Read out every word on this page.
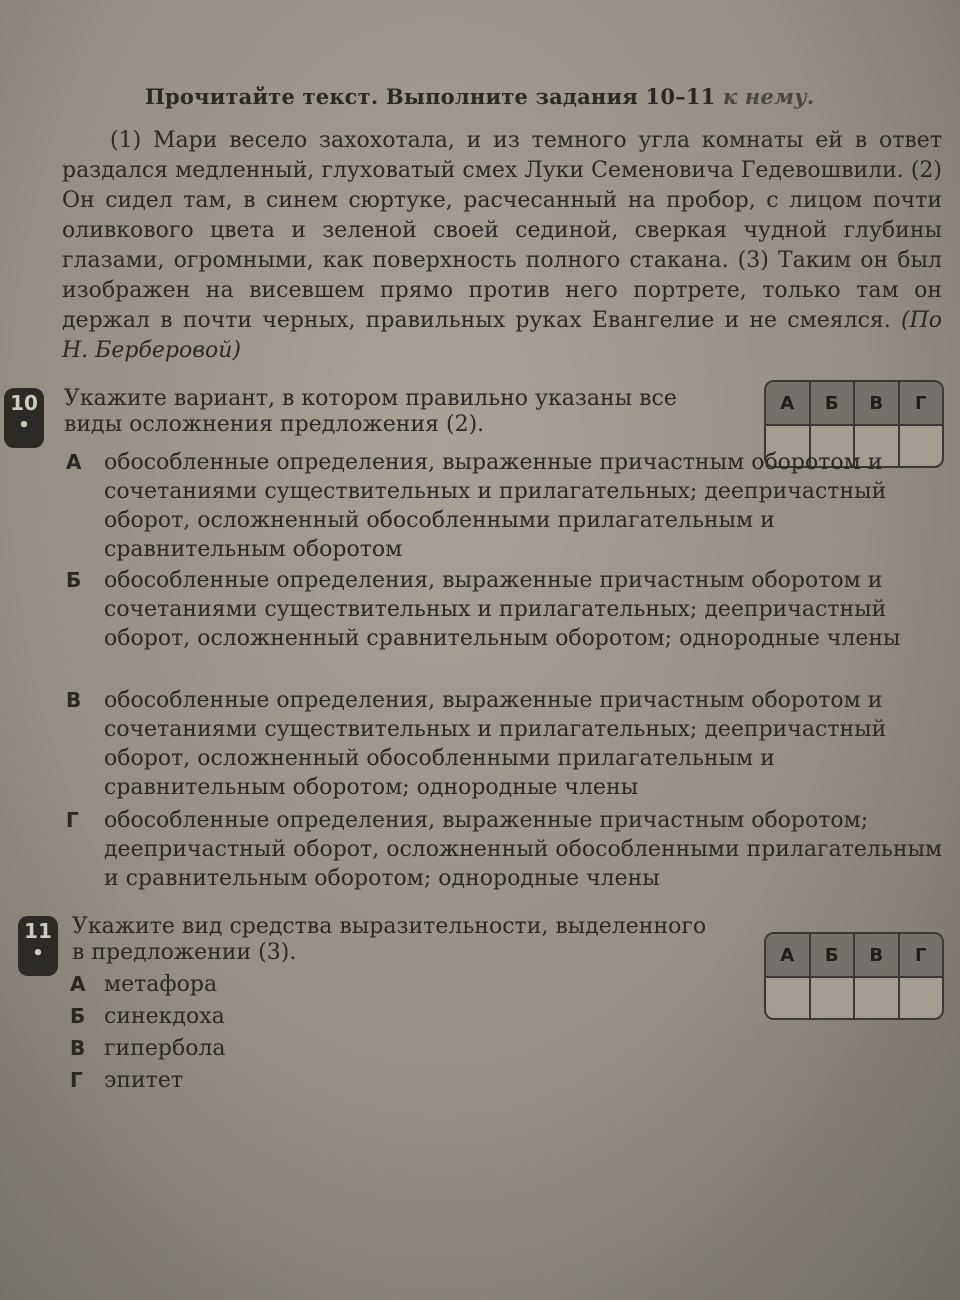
Прочитайте текст. Выполните задания 10–11 к нему.

(1) Мари весело захохотала, и из темного угла комнаты ей в ответ раздался медленный, глуховатый смех Луки Семеновича Гедевошвили. (2) Он сидел там, в синем сюртуке, расчесанный на пробор, с лицом почти оливкового цвета и зеленой своей сединой, сверкая чудной глубины глазами, огромными, как поверхность полного стакана. (3) Таким он был изображен на висевшем прямо против него портрете, только там он держал в почти черных, правильных руках Евангелие и не смеялся. (По Н. Берберовой)

10
•
Укажите вариант, в котором правильно указаны все виды осложнения предложения (2).
А	Б	В	Г
А обособленные определения, выраженные причастным оборотом и сочетаниями существительных и прилагательных; деепричастный оборот, осложненный обособленными прилагательным и сравнительным оборотом
Б обособленные определения, выраженные причастным оборотом и сочетаниями существительных и прилагательных; деепричастный оборот, осложненный сравнительным оборотом; однородные члены
В обособленные определения, выраженные причастным оборотом и сочетаниями существительных и прилагательных; деепричастный оборот, осложненный обособленными прилагательным и сравнительным оборотом; однородные члены
Г обособленные определения, выраженные причастным оборотом; деепричастный оборот, осложненный обособленными прилагательным и сравнительным оборотом; однородные члены
11
•
Укажите вид средства выразительности, выделенного в предложении (3).	А	Б	В	Г
А метафора
Б синекдоха
В гипербола
Г эпитет
